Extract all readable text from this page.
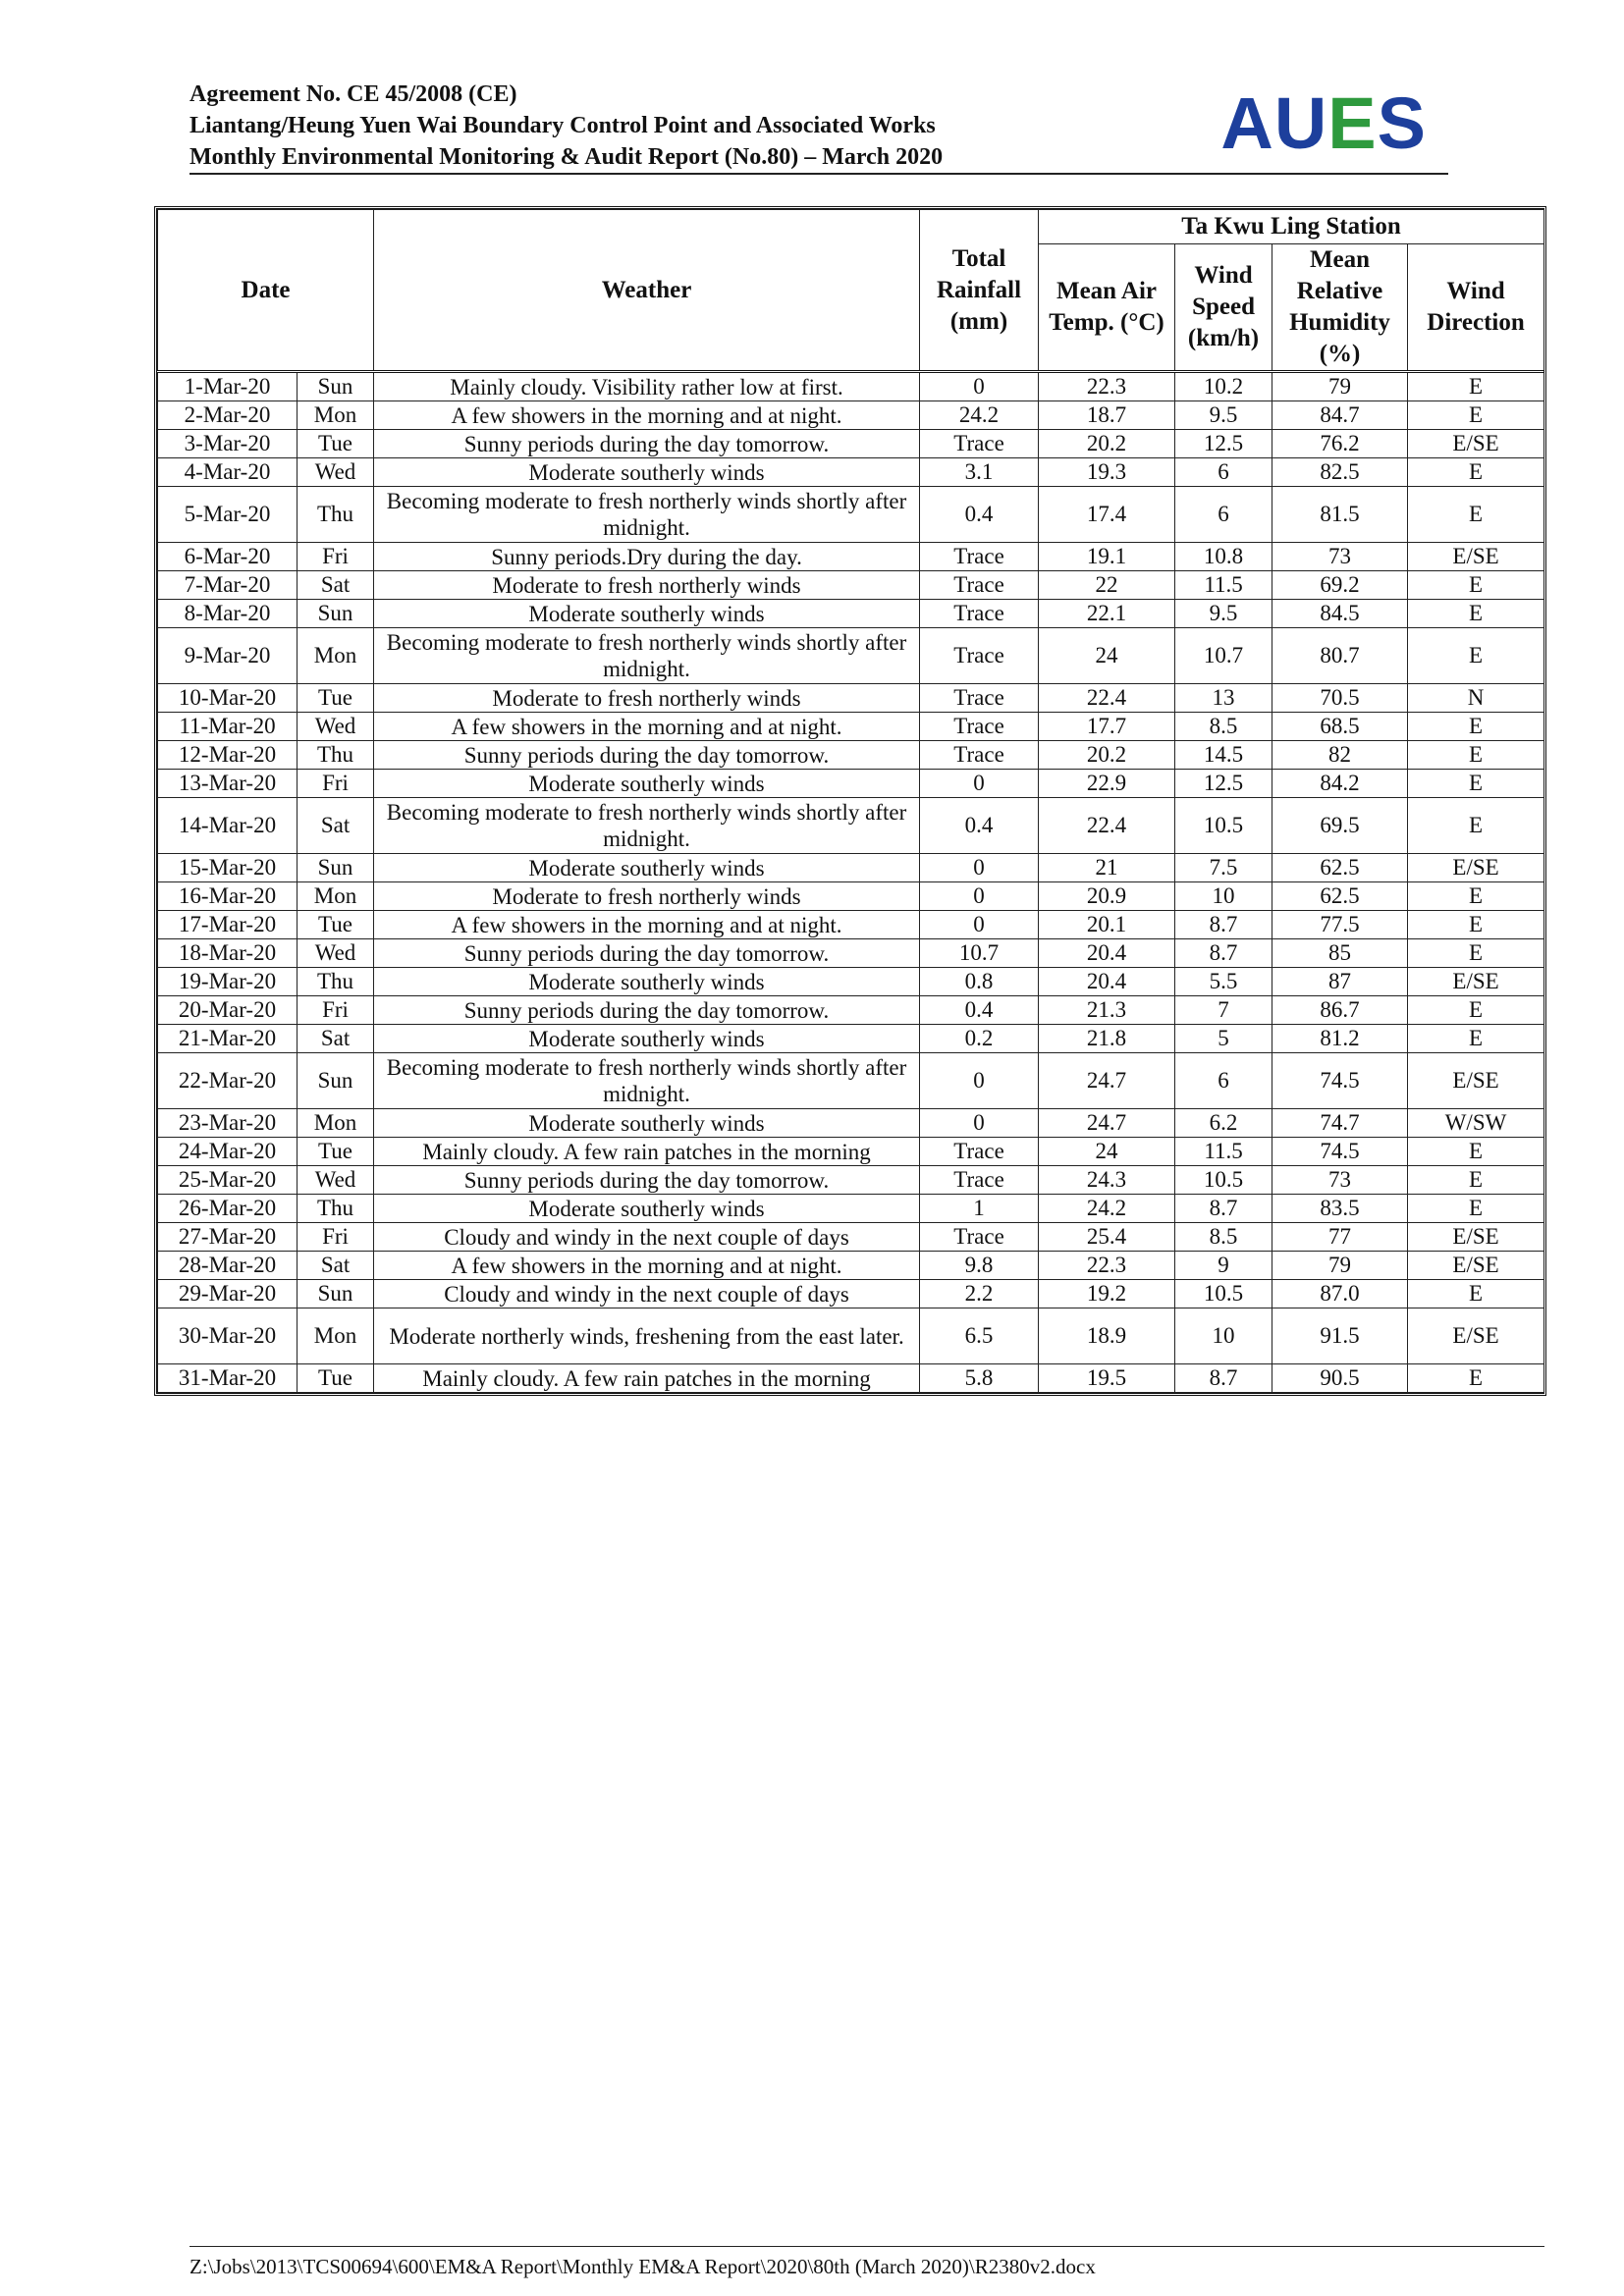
Agreement No. CE 45/2008 (CE)
Liantang/Heung Yuen Wai Boundary Control Point and Associated Works
Monthly Environmental Monitoring & Audit Report (No.80) – March 2020	AUES
Date		Weather	Total Rainfall (mm)	Ta Kwu Ling Station			
				Mean Air Temp. (°C)	Wind Speed (km/h)	Mean Relative Humidity (%)	Wind Direction
1-Mar-20	Sun	Mainly cloudy. Visibility rather low at first.	0	22.3	10.2	79	E
2-Mar-20	Mon	A few showers in the morning and at night.	24.2	18.7	9.5	84.7	E
3-Mar-20	Tue	Sunny periods during the day tomorrow.	Trace	20.2	12.5	76.2	E/SE
4-Mar-20	Wed	Moderate southerly winds	3.1	19.3	6	82.5	E
5-Mar-20	Thu	Becoming moderate to fresh northerly winds shortly after midnight.	0.4	17.4	6	81.5	E
6-Mar-20	Fri	Sunny periods.Dry during the day.	Trace	19.1	10.8	73	E/SE
7-Mar-20	Sat	Moderate to fresh northerly winds	Trace	22	11.5	69.2	E
8-Mar-20	Sun	Moderate southerly winds	Trace	22.1	9.5	84.5	E
9-Mar-20	Mon	Becoming moderate to fresh northerly winds shortly after midnight.	Trace	24	10.7	80.7	E
10-Mar-20	Tue	Moderate to fresh northerly winds	Trace	22.4	13	70.5	N
11-Mar-20	Wed	A few showers in the morning and at night.	Trace	17.7	8.5	68.5	E
12-Mar-20	Thu	Sunny periods during the day tomorrow.	Trace	20.2	14.5	82	E
13-Mar-20	Fri	Moderate southerly winds	0	22.9	12.5	84.2	E
14-Mar-20	Sat	Becoming moderate to fresh northerly winds shortly after midnight.	0.4	22.4	10.5	69.5	E
15-Mar-20	Sun	Moderate southerly winds	0	21	7.5	62.5	E/SE
16-Mar-20	Mon	Moderate to fresh northerly winds	0	20.9	10	62.5	E
17-Mar-20	Tue	A few showers in the morning and at night.	0	20.1	8.7	77.5	E
18-Mar-20	Wed	Sunny periods during the day tomorrow.	10.7	20.4	8.7	85	E
19-Mar-20	Thu	Moderate southerly winds	0.8	20.4	5.5	87	E/SE
20-Mar-20	Fri	Sunny periods during the day tomorrow.	0.4	21.3	7	86.7	E
21-Mar-20	Sat	Moderate southerly winds	0.2	21.8	5	81.2	E
22-Mar-20	Sun	Becoming moderate to fresh northerly winds shortly after midnight.	0	24.7	6	74.5	E/SE
23-Mar-20	Mon	Moderate southerly winds	0	24.7	6.2	74.7	W/SW
24-Mar-20	Tue	Mainly cloudy. A few rain patches in the morning	Trace	24	11.5	74.5	E
25-Mar-20	Wed	Sunny periods during the day tomorrow.	Trace	24.3	10.5	73	E
26-Mar-20	Thu	Moderate southerly winds	1	24.2	8.7	83.5	E
27-Mar-20	Fri	Cloudy and windy in the next couple of days	Trace	25.4	8.5	77	E/SE
28-Mar-20	Sat	A few showers in the morning and at night.	9.8	22.3	9	79	E/SE
29-Mar-20	Sun	Cloudy and windy in the next couple of days	2.2	19.2	10.5	87.0	E
30-Mar-20	Mon	Moderate northerly winds, freshening from the east later.	6.5	18.9	10	91.5	E/SE
31-Mar-20	Tue	Mainly cloudy. A few rain patches in the morning	5.8	19.5	8.7	90.5	E
Z:\Jobs\2013\TCS00694\600\EM&A Report\Monthly EM&A Report\2020\80th (March 2020)\R2380v2.docx
